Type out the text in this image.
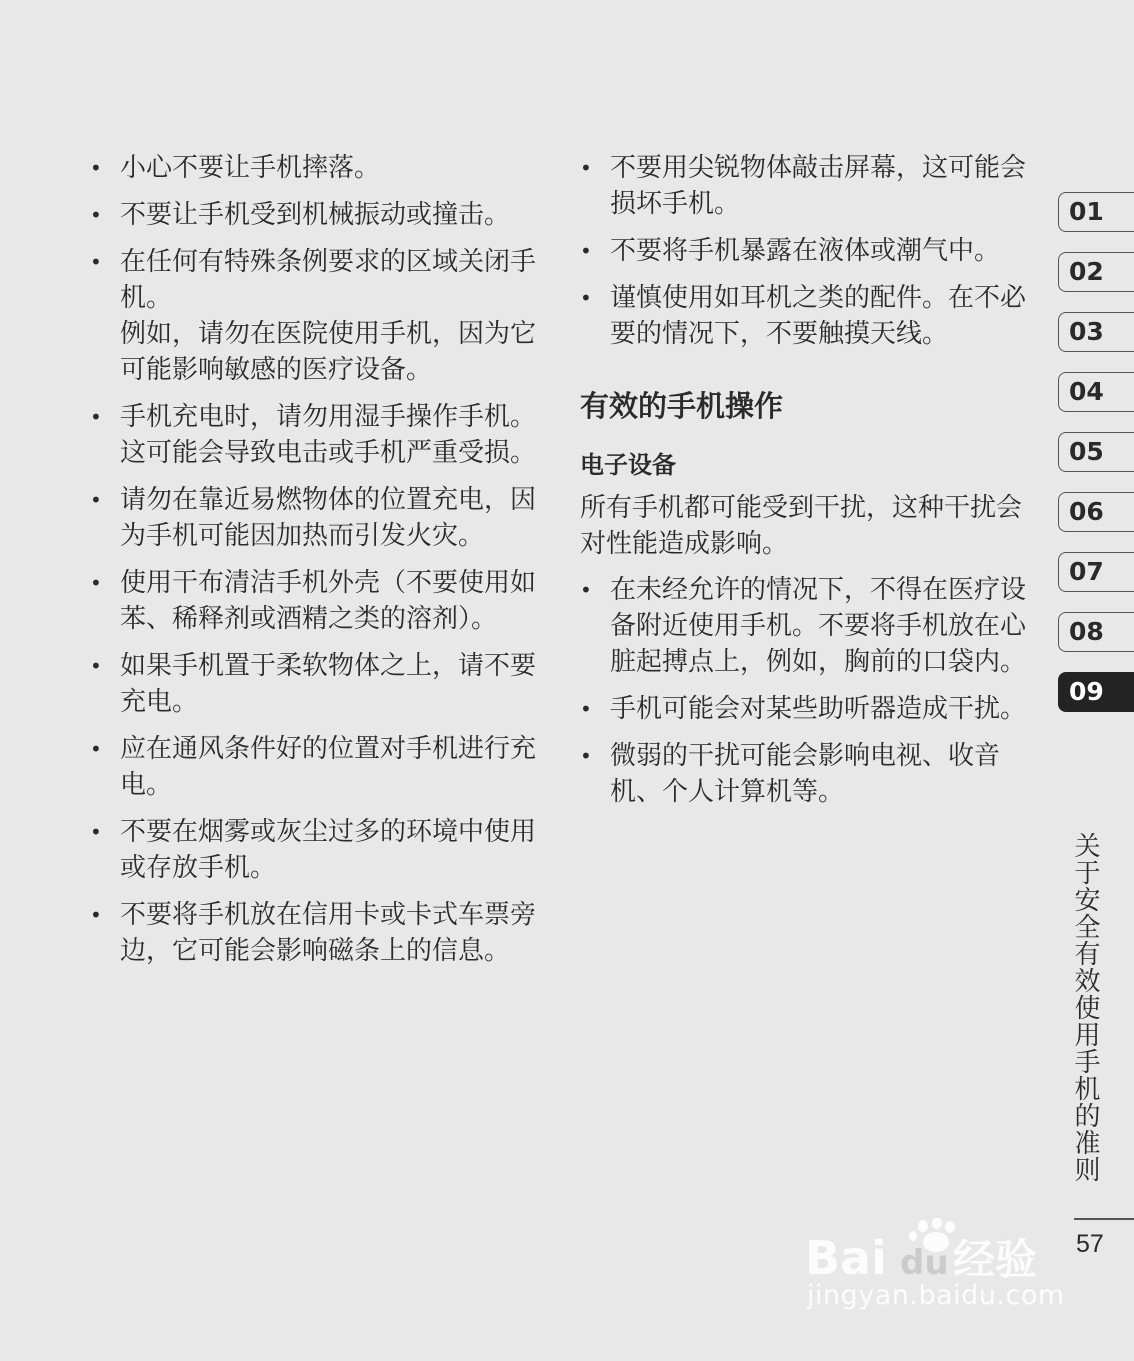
• 小心不要让手机摔落。
• 不要让手机受到机械振动或撞击。
• 在任何有特殊条例要求的区域关闭手机。
例如，请勿在医院使用手机，因为它可能影响敏感的医疗设备。
• 手机充电时，请勿用湿手操作手机。这可能会导致电击或手机严重受损。
• 请勿在靠近易燃物体的位置充电，因为手机可能因加热而引发火灾。
• 使用干布清洁手机外壳（不要使用如苯、稀释剂或酒精之类的溶剂）。
• 如果手机置于柔软物体之上，请不要充电。
• 应在通风条件好的位置对手机进行充电。
• 不要在烟雾或灰尘过多的环境中使用或存放手机。
• 不要将手机放在信用卡或卡式车票旁边，它可能会影响磁条上的信息。
• 不要用尖锐物体敲击屏幕，这可能会损坏手机。
• 不要将手机暴露在液体或潮气中。
• 谨慎使用如耳机之类的配件。在不必要的情况下，不要触摸天线。
有效的手机操作
电子设备

所有手机都可能受到干扰，这种干扰会对性能造成影响。

• 在未经允许的情况下，不得在医疗设备附近使用手机。不要将手机放在心脏起搏点上，例如，胸前的口袋内。
• 手机可能会对某些助听器造成干扰。
• 微弱的干扰可能会影响电视、收音机、个人计算机等。
01
02
03
04
05
06
07
08
09
关于安全有效使用手机的准则
57
Bai du 经验
jingyan.baidu.com
